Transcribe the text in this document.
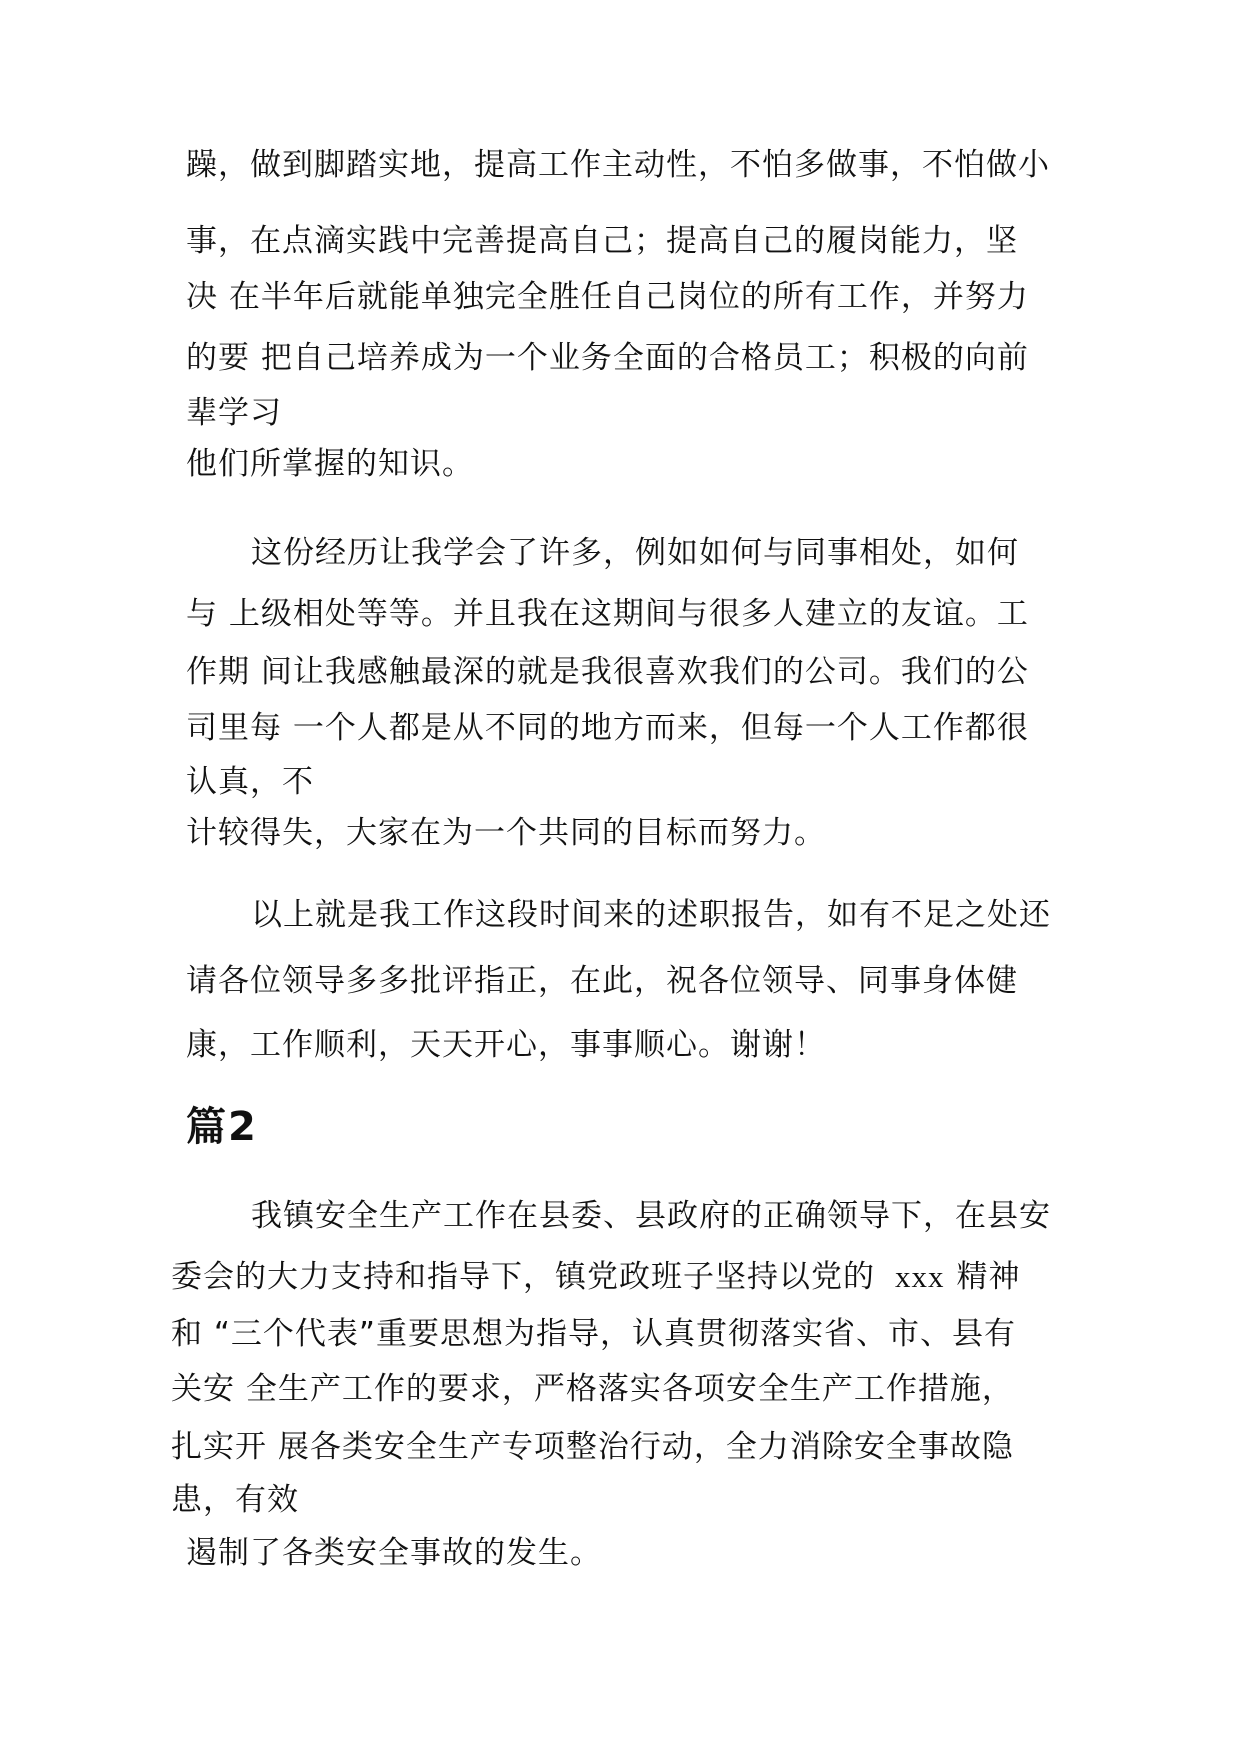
躁，做到脚踏实地，提高工作主动性，不怕多做事，不怕做小

事，在点滴实践中完善提高自己；提高自己的履岗能力，坚

决 在半年后就能单独完全胜任自己岗位的所有工作，并努力

的要 把自己培养成为一个业务全面的合格员工；积极的向前

辈学习

他们所掌握的知识。

这份经历让我学会了许多，例如如何与同事相处，如何

与 上级相处等等。并且我在这期间与很多人建立的友谊。工

作期 间让我感触最深的就是我很喜欢我们的公司。我们的公

司里每 一个人都是从不同的地方而来，但每一个人工作都很

认真，不

计较得失，大家在为一个共同的目标而努力。

以上就是我工作这段时间来的述职报告，如有不足之处还

请各位领导多多批评指正，在此，祝各位领导、同事身体健

康，工作顺利，天天开心，事事顺心。谢谢！

篇2

我镇安全生产工作在县委、县政府的正确领导下，在县安

委会的大力支持和指导下，镇党政班子坚持以党的 xxx 精神

和 “三个代表”重要思想为指导，认真贯彻落实省、市、县有

关安 全生产工作的要求，严格落实各项安全生产工作措施，

扎实开 展各类安全生产专项整治行动，全力消除安全事故隐

患，有效

遏制了各类安全事故的发生。
